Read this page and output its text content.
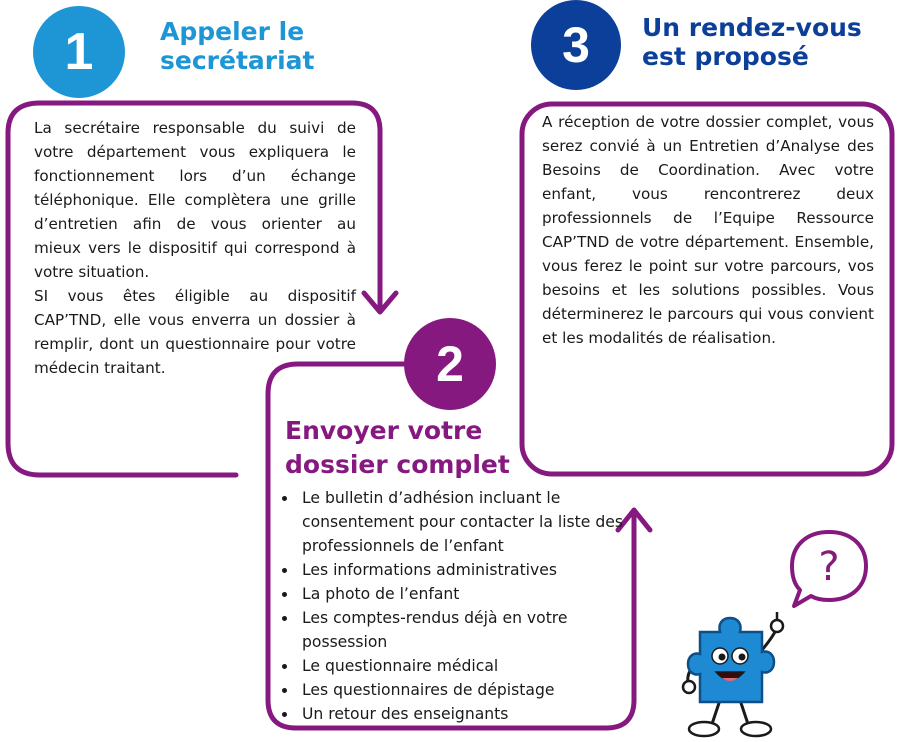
1	Appeler le
secrétariat
La secrétaire responsable du suivi de votre département vous expliquera le fonctionnement lors d’un échange téléphonique. Elle complètera une grille d’entretien afin de vous orienter au mieux vers le dispositif qui correspond à votre situation.
SI vous êtes éligible au dispositif CAP’TND, elle vous enverra un dossier à remplir, dont un questionnaire pour votre médecin traitant.	2
Envoyer votre
dossier complet
• Le bulletin d’adhésion incluant le consentement pour contacter la liste des professionnels de l’enfant
• Les informations administratives
• La photo de l’enfant
• Les comptes-rendus déjà en votre possession
• Le questionnaire médical
• Les questionnaires de dépistage
• Un retour des enseignants
3 Un rendez-vous
est proposé
A réception de votre dossier complet, vous serez convié à un Entretien d’Analyse des Besoins de Coordination. Avec votre enfant, vous rencontrerez deux professionnels de l’Equipe Ressource CAP’TND de votre département. Ensemble, vous ferez le point sur votre parcours, vos besoins et les solutions possibles. Vous déterminerez le parcours qui vous convient et les modalités de réalisation.
?
